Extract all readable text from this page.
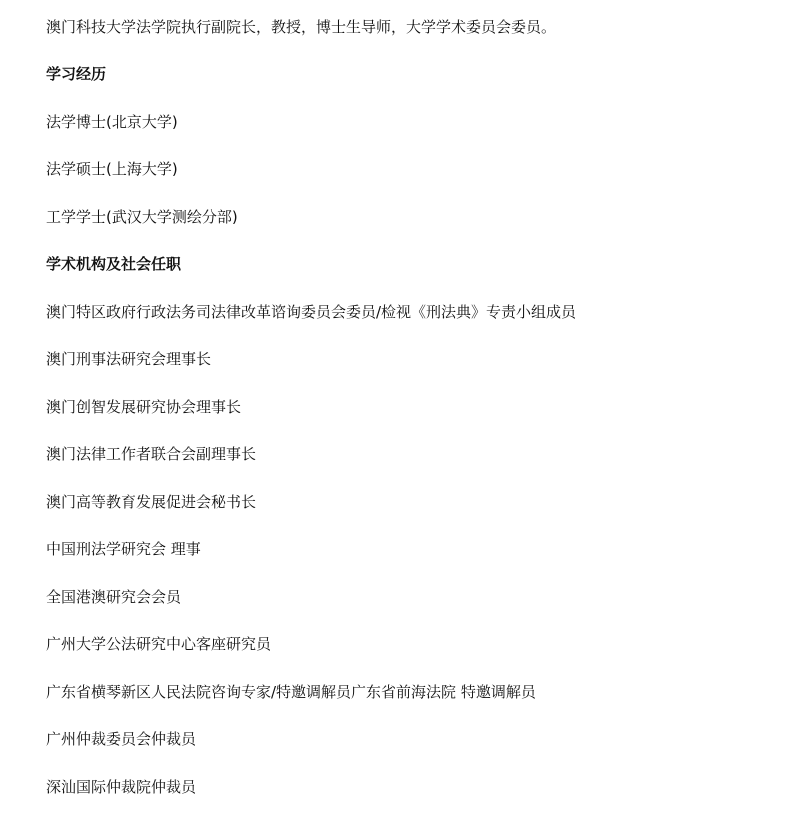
澳门科技大学法学院执行副院长，教授，博士生导师，大学学术委员会委员。
学习经历
法学博士(北京大学)
法学硕士(上海大学)
工学学士(武汉大学测绘分部)
学术机构及社会任职
澳门特区政府行政法务司法律改革谘询委员会委员/检视《刑法典》专责小组成员
澳门刑事法研究会理事长
澳门创智发展研究协会理事长
澳门法律工作者联合会副理事长
澳门高等教育发展促进会秘书长
中国刑法学研究会 理事
全国港澳研究会会员
广州大学公法研究中心客座研究员
广东省横琴新区人民法院咨询专家/特邀调解员广东省前海法院 特邀调解员
广州仲裁委员会仲裁员
深汕国际仲裁院仲裁员
